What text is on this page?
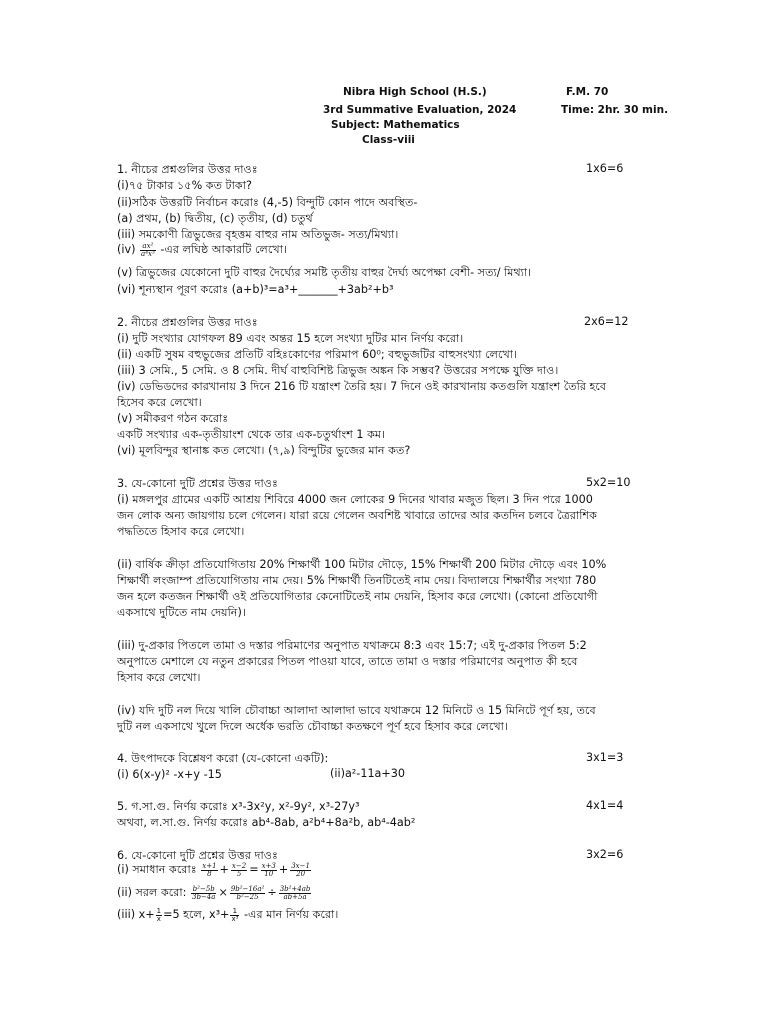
Nibra High School (H.S.)
3rd Summative Evaluation, 2024
Subject: Mathematics
Class-viii
F.M. 70
Time: 2hr. 30 min.
1. নীচের প্রশ্নগুলির উত্তর দাওঃ	1x6=6
(i)৭৫ টাকার ১৫% কত টাকা?
(ii)সঠিক উত্তরটি নির্বাচন করোঃ (4,-5) বিন্দুটি কোন পাদে অবস্থিত-
(a) প্রথম, (b) দ্বিতীয়, (c) তৃতীয়, (d) চতুর্থ
(iii) সমকোণী ত্রিভুজের বৃহত্তম বাহুর নাম অতিভুজ- সত্য/মিথ্যা।
$(iv) \frac{\text{ax²}}{\text{a⁴x³}}$ -এর লঘিষ্ঠ আকারটি লেখো।
(v) ত্রিভুজের যেকোনো দুটি বাহুর দৈর্ঘ্যের সমষ্টি তৃতীয় বাহুর দৈর্ঘ্য অপেক্ষা বেশী- সত্য/ মিথ্যা।
(vi) শূন্যস্থান পূরণ করোঃ (a+b)³=a³+_______+3ab²+b³
2. নীচের প্রশ্নগুলির উত্তর দাওঃ	2x6=12
(i) দুটি সংখ্যার যোগফল 89 এবং অন্তর 15 হলে সংখ্যা দুটির মান নির্ণয় করো।
(ii) একটি সুষম বহুভুজের প্রতিটি বহিঃকোণের পরিমাপ 60⁰; বহুভুজটির বাহুসংখ্যা লেখো।
(iii) 3 সেমি., 5 সেমি. ও 8 সেমি. দীর্ঘ বাহুবিশিষ্ট ত্রিভুজ অঙ্কন কি সম্ভব? উত্তরের সপক্ষে যুক্তি দাও।
(iv) ডেভিডদের কারখানায় 3 দিনে 216 টি যন্ত্রাংশ তৈরি হয়। 7 দিনে ওই কারখানায় কতগুলি যন্ত্রাংশ তৈরি হবে
হিসেব করে লেখো।
(v) সমীকরণ গঠন করোঃ
একটি সংখ্যার এক-তৃতীয়াংশ থেকে তার এক-চতুর্থাংশ 1 কম।
(vi) মূলবিন্দুর স্থানাঙ্ক কত লেখো। (৭,৯) বিন্দুটির ভুজের মান কত?
3. যে-কোনো দুটি প্রশ্নের উত্তর দাওঃ	5x2=10
(i) মঙ্গলপুর গ্রামের একটি আশ্রয় শিবিরে 4000 জন লোকের 9 দিনের খাবার মজুত ছিল। 3 দিন পরে 1000
জন লোক অন্য জায়গায় চলে গেলেন। যারা রয়ে গেলেন অবশিষ্ট খাবারে তাদের আর কতদিন চলবে ত্রৈরাশিক
পদ্ধতিতে হিসাব করে লেখো।
(ii) বার্ষিক ক্রীড়া প্রতিযোগিতায় 20% শিক্ষার্থী 100 মিটার দৌড়ে, 15% শিক্ষার্থী 200 মিটার দৌড়ে এবং 10%
শিক্ষার্থী লংজাম্প প্রতিযোগিতায় নাম দেয়। 5% শিক্ষার্থী তিনটিতেই নাম দেয়। বিদ্যালয়ে শিক্ষার্থীর সংখ্যা 780
জন হলে কতজন শিক্ষার্থী ওই প্রতিযোগিতার কেনোটিতেই নাম দেয়নি, হিসাব করে লেখো। (কোনো প্রতিযোগী
একসাথে দুটিতে নাম দেয়নি)।
(iii) দু-প্রকার পিতলে তামা ও দস্তার পরিমাণের অনুপাত যথাক্রমে 8:3 এবং 15:7; এই দু-প্রকার পিতল 5:2
অনুপাতে মেশালে যে নতুন প্রকারের পিতল পাওয়া যাবে, তাতে তামা ও দস্তার পরিমাণের অনুপাত কী হবে
হিসাব করে লেখো।
(iv) যদি দুটি নল দিয়ে খালি চৌবাচ্চা আলাদা আলাদা ভাবে যথাক্রমে 12 মিনিটে ও 15 মিনিটে পূর্ণ হয়, তবে
দুটি নল একসাথে খুলে দিলে অর্ধেক ভরতি চৌবাচ্চা কতক্ষণে পূর্ণ হবে হিসাব করে লেখো।
4. উৎপাদকে বিশ্লেষণ করো (যে-কোনো একটি):	3x1=3
(i) 6(x-y)² -x+y -15	(ii)a²-11a+30
5. গ.সা.গু. নির্ণয় করোঃ x³-3x²y, x²-9y², x³-27y³	4x1=4
অথবা, ল.সা.গু. নির্ণয় করোঃ ab⁴-8ab, a²b⁴+8a²b, ab⁴-4ab²
6. যে-কোনো দুটি প্রশ্নের উত্তর দাওঃ	3x2=6
(i) সমাধান করোঃ $\frac{x+1}{8} + \frac{x-2}{5} = \frac{x+3}{10} + \frac{3x-1}{20}$
(ii) সরল করো: $\frac{\text{b²−5b}}{3b-4a} \times \frac{\text{9b²−16a²}}{\text{b²−25}} \div \frac{\text{3b²+4ab}}{ab+5a}$
(iii) $x+ \frac{1}{x} =5$ হলে, $x^3+ \frac{1}{\text{x³}}$ -এর মান নির্ণয় করো।
